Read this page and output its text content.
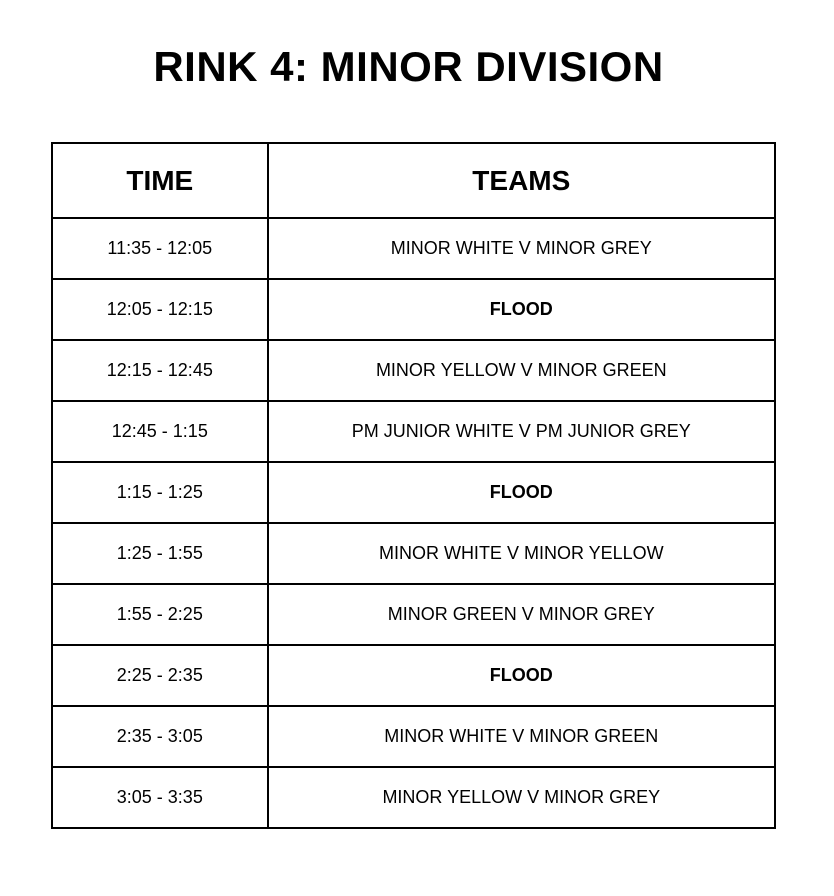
RINK 4: MINOR DIVISION
TIME	TEAMS
11:35 - 12:05	MINOR WHITE V MINOR GREY
12:05 - 12:15	FLOOD
12:15 - 12:45	MINOR YELLOW V MINOR GREEN
12:45 - 1:15	PM JUNIOR WHITE V PM JUNIOR GREY
1:15 - 1:25	FLOOD
1:25 - 1:55	MINOR WHITE V MINOR YELLOW
1:55 - 2:25	MINOR GREEN V MINOR GREY
2:25 - 2:35	FLOOD
2:35 - 3:05	MINOR WHITE V MINOR GREEN
3:05 - 3:35	MINOR YELLOW V MINOR GREY
